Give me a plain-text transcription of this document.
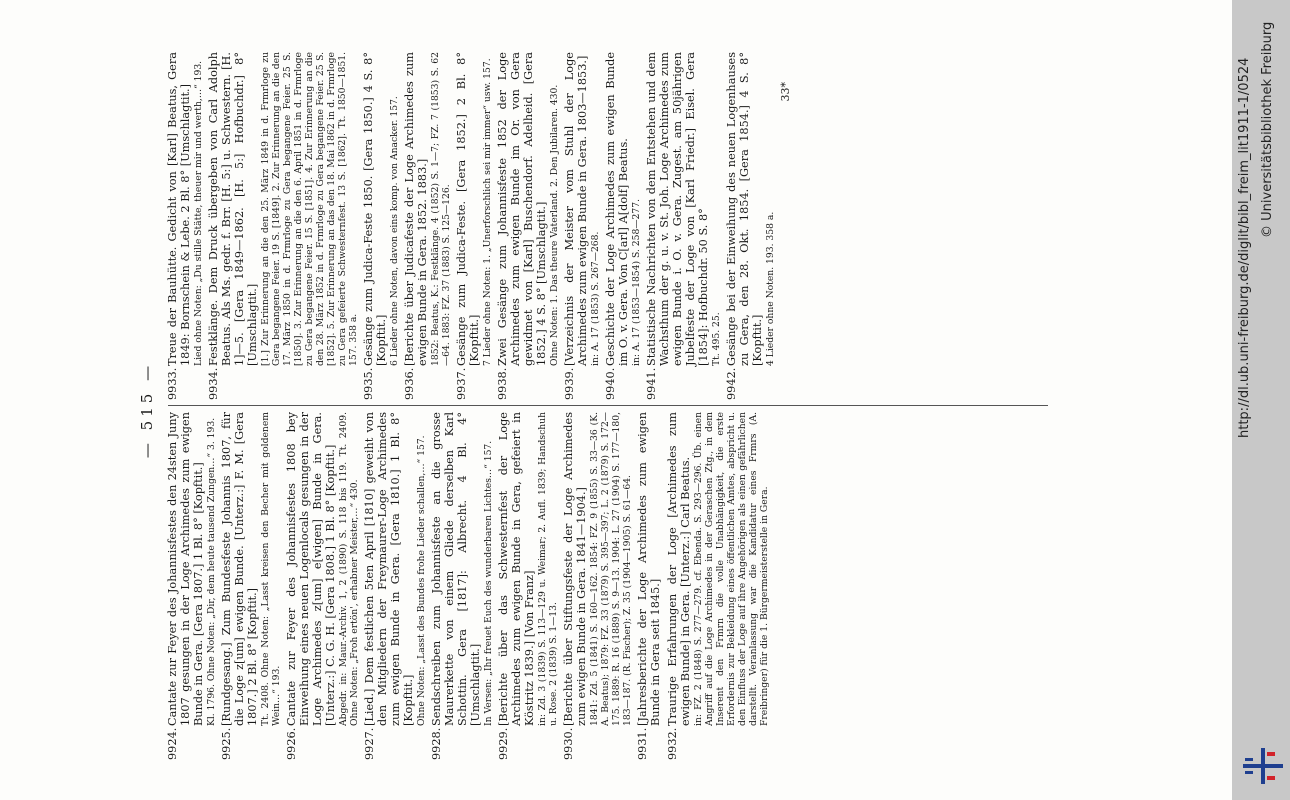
— 515 —
9924.
Cantate zur Feyer des Johannisfestes den 24sten Juny 1807 gesungen in der Loge Archimedes zum ewigen Bunde in Gera. [Gera 1807.] 1 Bl. 8° [Kopftit.] Kl. 1796. Ohne Noten: „Dir, dem heute tausend Zungen…“ 3. 193.
9925.
[Rundgesang.] Zum Bundesfeste Johannis 1807, für die Loge z[um] ewigen Bunde. [Unterz.:] F. M. [Gera 1807.] 2 Bl. 8° [Kopftit.] Tt. 2408. Ohne Noten: „Lasst kreisen den Becher mit goldenem Wein…“ 193.
9926.
Cantate zur Feyer des Johannisfestes 1808 bey Einweihung eines neuen Logenlocals gesungen in der Loge Archimedes z[um] e[wigen] Bunde in Gera. [Unterz.:] C. G. H. [Gera 1808.] 1 Bl. 8° [Kopftit.] Abgedr. in: Maur.-Archiv. 1, 2 (1890) S. 118 bis 119. Tt. 2409. Ohne Noten: „Froh ertön', erhabner Meister,…“ 430.
9927.
[Lied.] Dem festlichen 5ten April [1810] geweiht von den Mitgliedern der Freymaurer-Loge Archimedes zum ewigen Bunde in Gera. [Gera 1810.] 1 Bl. 8° [Kopftit.] Ohne Noten: „Lasst des Bundes frohe Lieder schallen,…“ 157.
9928.
Sendschreiben zum Johannisfeste an die grosse Maurerkette von einem Gliede derselben Karl Schottin. Gera [1817]: Albrecht. 4 Bl. 4° [Umschlagtit.] In Versen: „Ihr freuet Euch des wunderbaren Lichtes…“ 157.
9929.
[Berichte über das Schwesternfest der Loge Archimedes zum ewigen Bunde in Gera, gefeiert in Köstritz 1839.] [Von Franz] in: Zd. 3 (1839) S. 113—129 u. Weimar; 2. Aufl. 1839; Handschuh u. Rose. 2 (1839) S. 1—13.
9930.
[Berichte über Stiftungsfeste der Loge Archimedes zum ewigen Bunde in Gera. 1841—1904.] 1841: Zd. 5 (1841) S. 160—162. 1854: FZ. 9 (1855) S. 33—36 (K. A. Beatus); 1879: FZ. 33 (1879) S. 395—397; L. 2 (1879) S. 172—175. 1889: R. 16 (1889) S. 9—13. 1904: L. 27 (1904) S. 177—180, 183—187. (R. Fischer); Z. 35 (1904—1905) S. 61—64.
9931.
[Jahresberichte der Loge Archimedes zum ewigen Bunde in Gera seit 1845.]
9932.
Traurige Erfahrungen der Loge [Archimedes zum ewigen Bunde] in Gera. [Unterz.:] Carl Beatus. in: FZ. 2 (1848) S. 277—279. cf. Ebenda. S. 293—296. Üb. einen Angriff auf die Loge Archimedes in der Geraschen Ztg., in dem Inserent den Frmrn die volle Unabhängigkeit, die erste Erfordernis zur Bekleidung eines öffentlichen Amtes, abspricht u. den Einfluss der Loge auf ihre Angehörigen als einen gefährlichen darstellt. Veranlassung war die Kandidatur eines Frmrs (A. Freibringer) für die 1. Bürgermeisterstelle in Gera.
9933.
Treue der Bauhütte. Gedicht von [Karl] Beatus, Gera 1849: Bornschein & Lebe. 2 Bl. 8° [Umschlagtit.] Lied ohne Noten: „Du stille Stätte, theuer mir und werth,…“ 193.
9934.
Festklänge. Dem Druck übergeben von Carl Adolph Beatus. Als Ms. gedr. f. Brr. [H. 5:] u. Schwestern. [H. 1]—5. [Gera 1849—1862. [H. 5:] Hofbuchdr.] 8° [Umschlagtit.] [1.] Zur Erinnerung an die den 25. März 1849 in d. Frmrloge zu Gera begangene Feier. 19 S. [1849]. 2. Zur Erinnerung an die den 17. März 1850 in d. Frmrloge zu Gera begangene Feier. 25 S. [1850]. 3. Zur Erinnerung an die den 6. April 1851 in d. Frmrloge zu Gera begangene Feier. 15 S. [1851]. 4. Zur Erinnerung an die den 28. März 1852 in d. Frmrloge zu Gera begangene Feier. 25 S. [1852]. 5. Zur Erinnerung an das den 18. Mai 1862 in d. Frmrloge zu Gera gefeierte Schwesternfest. 13 S. [1862]. Tt. 1850—1851. 157. 358 a.
9935.
Gesänge zum Judica-Feste 1850. [Gera 1850.] 4 S. 8° [Kopftit.] 6 Lieder ohne Noten, davon eins komp. von Anacker. 157.
9936.
[Berichte über Judicafeste der Loge Archimedes zum ewigen Bunde in Gera. 1852. 1883.] 1852: Beatus, K.: Festklänge. 4 (1852) S. 1—7; FZ. 7 (1853) S. 62—64. 1883: FZ. 37 (1883) S. 125—126.
9937.
Gesänge zum Judica-Feste. [Gera 1852.] 2 Bl. 8° [Kopftit.] 7 Lieder ohne Noten: 1. „Unerforschlich sei mir immer“ usw. 157.
9938.
Zwei Gesänge zum Johannisfeste 1852 der Loge Archimedes zum ewigen Bunde im Or. von Gera gewidmet von [Karl] Buschendorf. Adelheid. [Gera 1852.] 4 S. 8° [Umschlagtit.] Ohne Noten: 1. Das theure Vaterland. 2. Den Jubilaren. 430.
9939.
[Verzeichnis der Meister vom Stuhl der Loge Archimedes zum ewigen Bunde in Gera. 1803—1853.] in: A. 17 (1853) S. 267—268.
9940.
Geschichte der Loge Archimedes zum ewigen Bunde im O. v. Gera. Von C[arl] A[dolf] Beatus. in: A. 17 (1853—1854) S. 258—277.
9941.
Statistische Nachrichten von dem Entstehen und dem Wachsthum der g. u. v. St. Joh. Loge Archimedes zum ewigen Bunde i. O. v. Gera. Zugest. am 50jährigen Jubelfeste der Loge von [Karl Friedr.] Eisel. Gera [1854]: Hofbuchdr. 50 S. 8° Tt. 495. 25.
9942.
Gesänge bei der Einweihung des neuen Logenhauses zu Gera, den 28. Okt. 1854. [Gera 1854.] 4 S. 8° [Kopftit.] 4 Lieder ohne Noten. 193. 358 a.
33*	http://dl.ub.uni-freiburg.de/diglit/bibl_freim_lit1911-1/0524 © Universitätsbibliothek Freiburg
